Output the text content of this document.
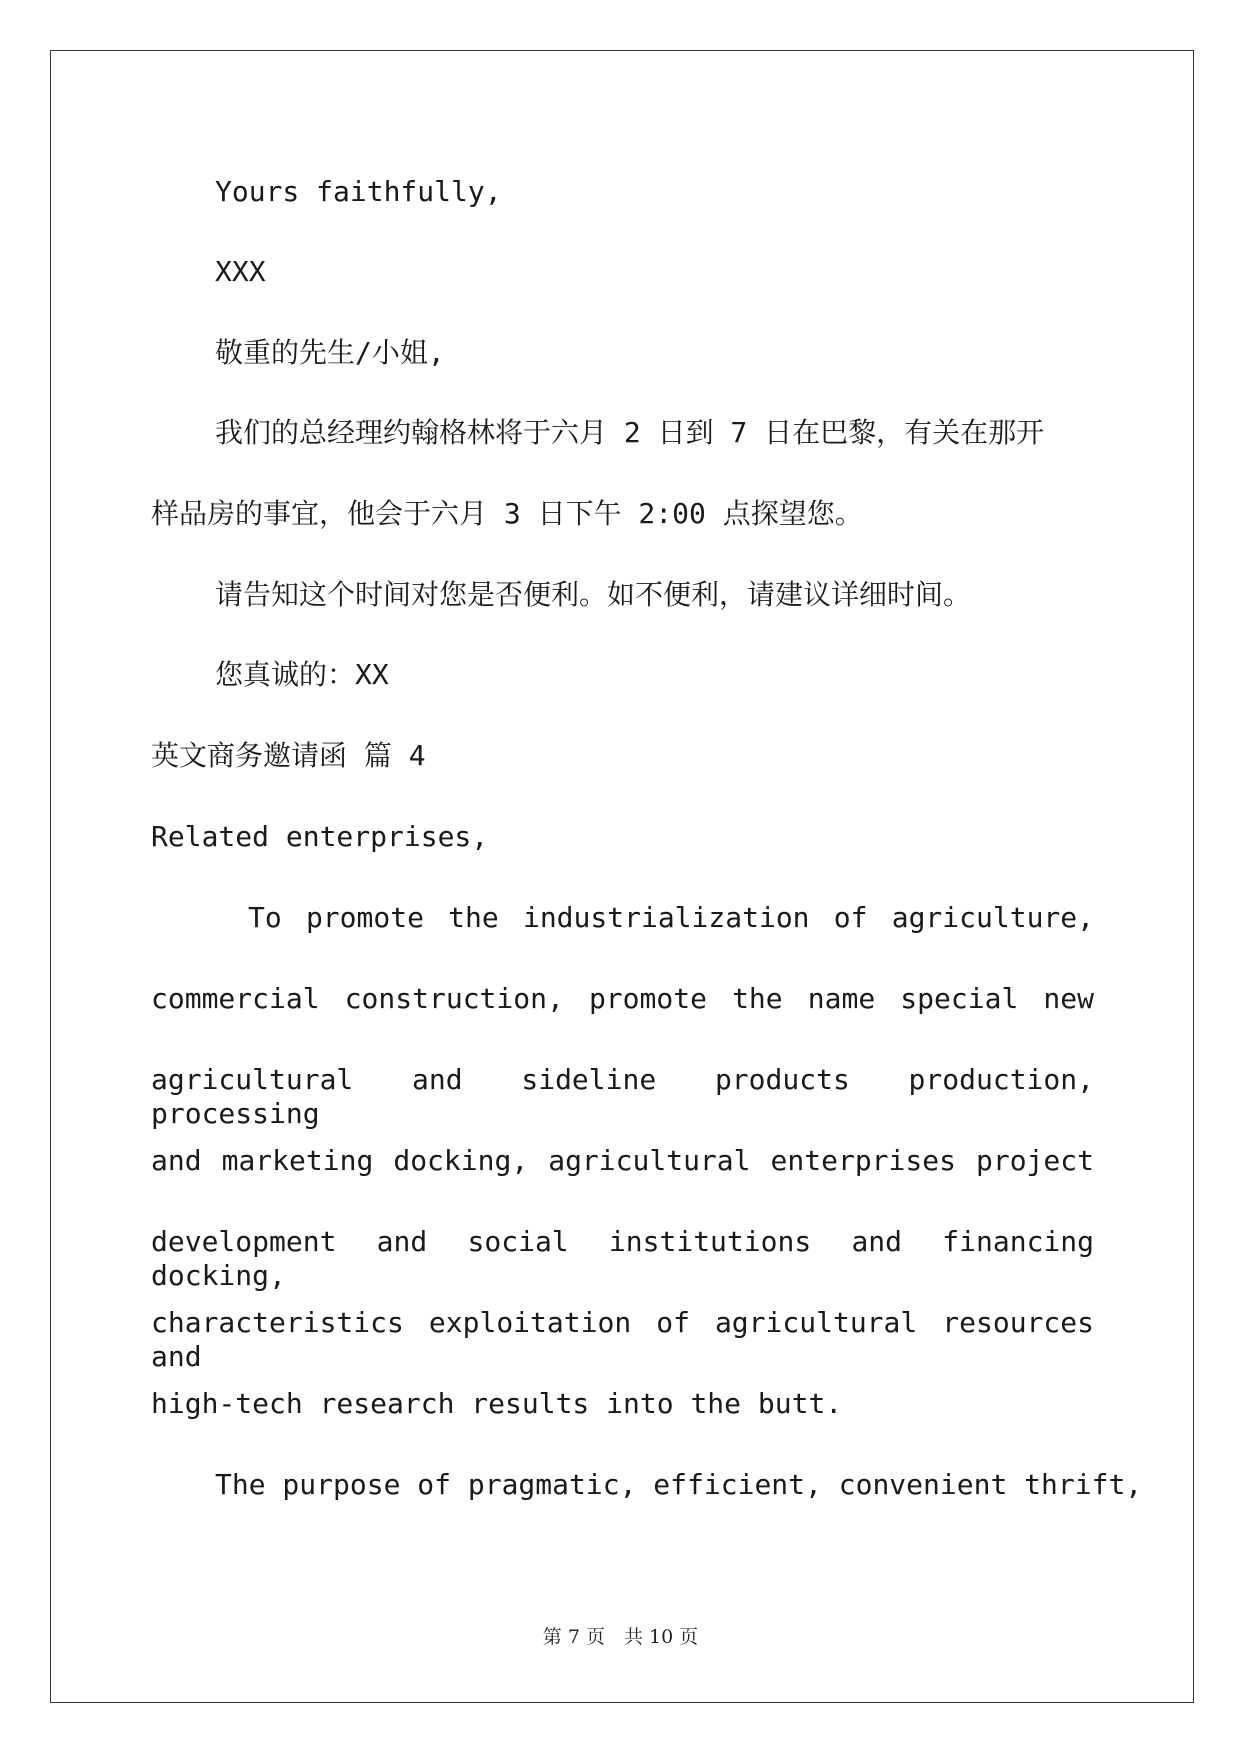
Yours faithfully,
XXX
敬重的先生/小姐,
我们的总经理约翰格林将于六月 2 日到 7 日在巴黎，有关在那开
样品房的事宜，他会于六月 3 日下午 2:00 点探望您。
请告知这个时间对您是否便利。如不便利，请建议详细时间。
您真诚的：XX
英文商务邀请函 篇 4
Related enterprises,
To promote the industrialization of agriculture,
commercial construction, promote the name special new
agricultural and sideline products production, processing
and marketing docking, agricultural enterprises project
development and social institutions and financing docking,
characteristics exploitation of agricultural resources and
high-tech research results into the butt.
The purpose of pragmatic, efficient, convenient thrift,
第 7 页　共 10 页
